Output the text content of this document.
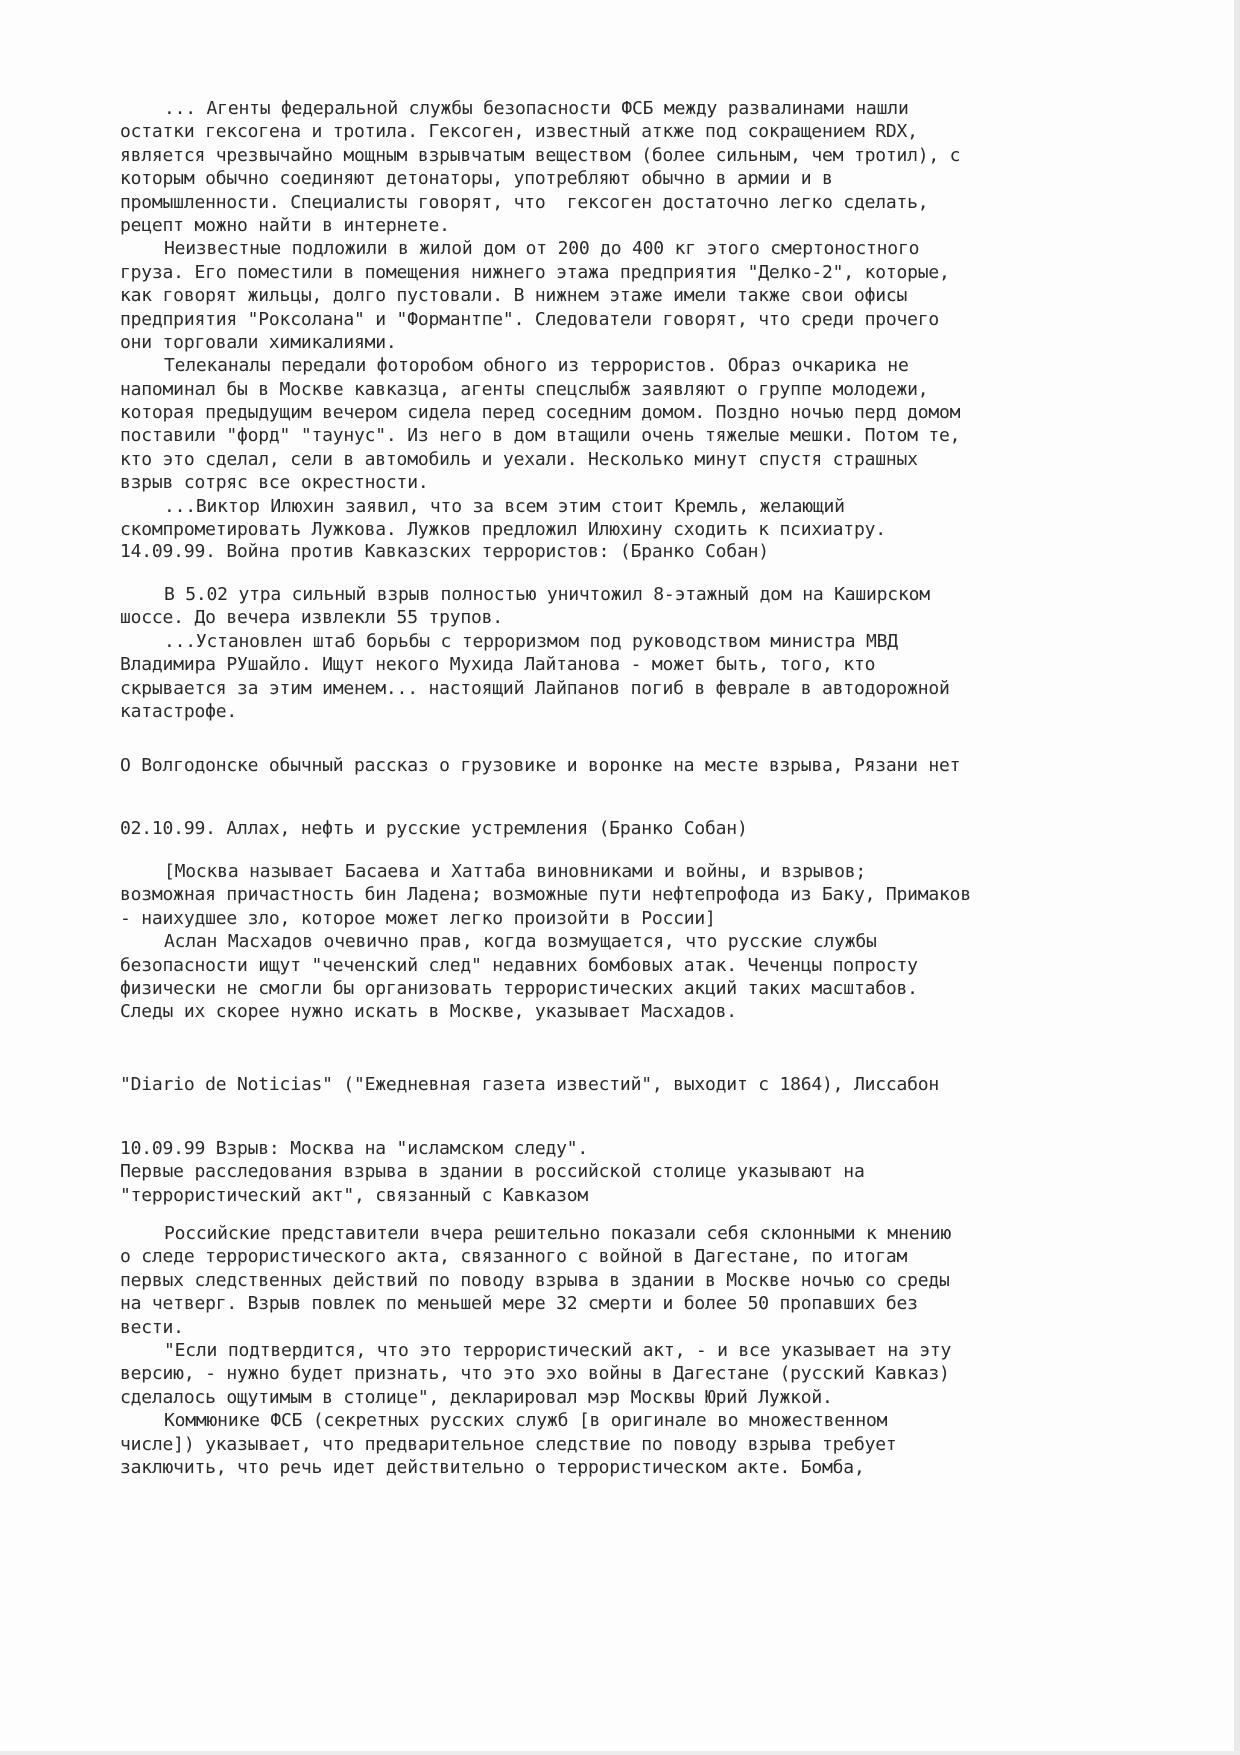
... Агенты федеральной службы безопасности ФСБ между развалинами нашли
остатки гексогена и тротила. Гексоген, известный аткже под сокращением RDX,
является чрезвычайно мощным взрывчатым веществом (более сильным, чем тротил), с
которым обычно соединяют детонаторы, употребляют обычно в армии и в
промышленности. Специалисты говорят, что  гексоген достаточно легко сделать,
рецепт можно найти в интернете.
Неизвестные подложили в жилой дом от 200 до 400 кг этого смертоностного
груза. Его поместили в помещения нижнего этажа предприятия "Делко-2", которые,
как говорят жильцы, долго пустовали. В нижнем этаже имели также свои офисы
предприятия "Роксолана" и "Формантпе". Следователи говорят, что среди прочего
они торговали химикалиями.
Телеканалы передали фоторобом обного из террористов. Образ очкарика не
напоминал бы в Москве кавказца, агенты спецслыбж заявляют о группе молодежи,
которая предыдущим вечером сидела перед соседним домом. Поздно ночью перд домом
поставили "форд" "таунус". Из него в дом втащили очень тяжелые мешки. Потом те,
кто это сделал, сели в автомобиль и уехали. Несколько минут спустя страшных
взрыв сотряс все окрестности.
...Виктор Илюхин заявил, что за всем этим стоит Кремль, желающий
скомпрометировать Лужкова. Лужков предложил Илюхину сходить к психиатру.
14.09.99. Война против Кавказских террористов: (Бранко Собан)
В 5.02 утра сильный взрыв полностью уничтожил 8-этажный дом на Каширском
шоссе. До вечера извлекли 55 трупов.
...Установлен штаб борьбы с терроризмом под руководством министра МВД
Владимира РУшайло. Ищут некого Мухида Лайтанова - может быть, того, кто
скрывается за этим именем... настоящий Лайпанов погиб в феврале в автодорожной
катастрофе.
О Волгодонске обычный рассказ о грузовике и воронке на месте взрыва, Рязани нет
02.10.99. Аллах, нефть и русские устремления (Бранко Собан)
[Москва называет Басаева и Хаттаба виновниками и войны, и взрывов;
возможная причастность бин Ладена; возможные пути нефтепрофода из Баку, Примаков
- наихудшее зло, которое может легко произойти в России]
Аслан Масхадов очевично прав, когда возмущается, что русские службы
безопасности ищут "чеченский след" недавних бомбовых атак. Чеченцы попросту
физически не смогли бы организовать террористических акций таких масштабов.
Следы их скорее нужно искать в Москве, указывает Масхадов.
"Diario de Noticias" ("Ежедневная газета известий", выходит с 1864), Лиссабон
10.09.99 Взрыв: Москва на "исламском следу".
Первые расследования взрыва в здании в российской столице указывают на
"террористический акт", связанный с Кавказом
Российские представители вчера решительно показали себя склонными к мнению
о следе террористического акта, связанного с войной в Дагестане, по итогам
первых следственных действий по поводу взрыва в здании в Москве ночью со среды
на четверг. Взрыв повлек по меньшей мере 32 смерти и более 50 пропавших без
вести.
"Если подтвердится, что это террористический акт, - и все указывает на эту
версию, - нужно будет признать, что это эхо войны в Дагестане (русский Кавказ)
сделалось ощутимым в столице", декларировал мэр Москвы Юрий Лужкой.
Коммюнике ФСБ (секретных русских служб [в оригинале во множественном
числе]) указывает, что предварительное следствие по поводу взрыва требует
заключить, что речь идет действительно о террористическом акте. Бомба,
